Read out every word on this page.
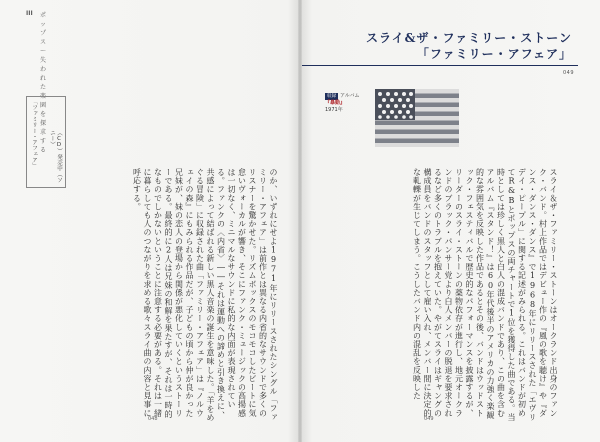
III ポップス ～ 失われた楽園を探求する
スライ&ザ・ファミリー・ストーン
「ファミリー・アフェア」
049
収録 アルバム
『暴動』
1971年
「ファミリー・アフェア」	（CD）発売中（ソニー）
スライ＆ザ・ファミリー・ストーンはオークランド出身のファンク・バンド。村上作品ではデビュー作の『風の歌を聴け』や『ダンス・ダンス・ダンス』で1968年にリリースされた「エヴリデイ・ピープル」に関する記述がみられる。これはバンドが初めてR&Bとポップスの両チャートで1位を獲得した曲である。当時としては珍しく黒人と白人の混成バンドであり、この曲を含むアルバム『スタンド！』は60年代後半のアメリカの力強く楽観的な雰囲気を反映した作品であるとその後、バンドはウッドストック・フェスティバルで歴史的なパフォーマンスを披露するが、リーダーのスライ・ストーンの薬物依存が進行し、地元オークランドのブラック・パンサー党より白人メンバーの脱退を要求されるなど多くのトラブルを抱えていた。やがてスライはギャングの構成員をバンドのスタッフとして雇い入れ、メンバー間に決定的な軋轢が生じてしまう。こうしたバンド内の混乱を反映した
のか、いずれにせよ1971年にリリースされたシングル「ファミリー・アフェア」は前作とは異なる内省的なサウンドで多くのリスナーを驚かせた。リズムボックスのモコモコしたビートに気怠いヴォーカルが響き、そこにファンク・ミュージックの高揚感は一切なく、ミニマルなサウンドに私的な内面が表現されている。ファンクの〈内省〉――それは運動への諦めと引き換えに、共感によって結ばれる新しい黒人音楽の誕生を意味した。「羊をめぐる冒険」に収録された曲「ファミリー・アフェア」は『ノルウェイの森』にもみられる作品だが、子どもの頃から仲が良かった兄妹が、妹の恋人の登場から関係が悪化していくというストーリーである。最終的に2人は兄妹の和解を果たすが、それは一時的なものでしかないということに注意する必要がある。それは一緒に暮らしても人のつながりを求める歌々スライ曲の内容と見事に呼応する。
048	049
